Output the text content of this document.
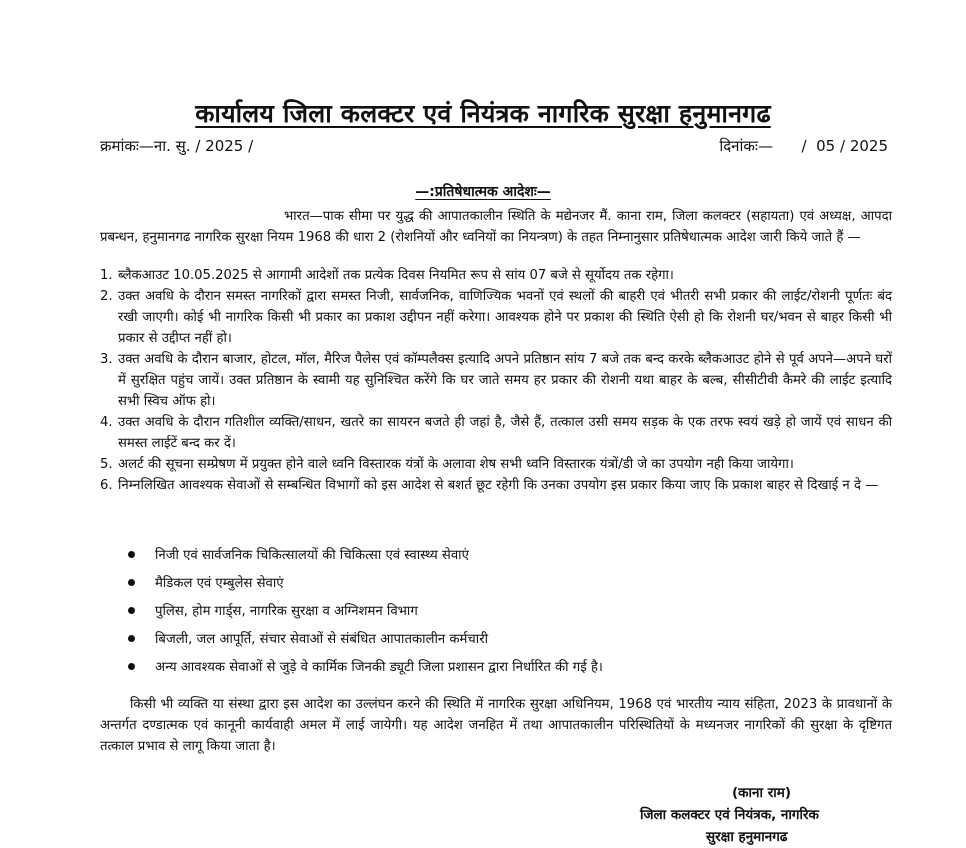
कार्यालय जिला कलक्टर एवं नियंत्रक नागरिक सुरक्षा हनुमानगढ
क्रमांकः—ना. सु. / 2025 /	दिनांकः—      /  05 / 2025
—:प्रतिषेधात्मक आदेशः—

भारत—पाक सीमा पर युद्ध की आपातकालीन स्थिति के मद्येनजर मैं. काना राम, जिला कलक्टर (सहायता) एवं अध्यक्ष, आपदा प्रबन्धन, हनुमानगढ नागरिक सुरक्षा नियम 1968 की धारा 2 (रोशनियों और ध्वनियों का नियन्त्रण) के तहत निम्नानुसार प्रतिषेधात्मक आदेश जारी किये जाते हैं —

1. ब्लैकआउट 10.05.2025 से आगामी आदेशों तक प्रत्येक दिवस नियमित रूप से सांय 07 बजे से सूर्योदय तक रहेगा।
2. उक्त अवधि के दौरान समस्त नागरिकों द्वारा समस्त निजी, सार्वजनिक, वाणिज्यिक भवनों एवं स्थलों की बाहरी एवं भीतरी सभी प्रकार की लाईट/रोशनी पूर्णतः बंद रखी जाएगी। कोई भी नागरिक किसी भी प्रकार का प्रकाश उद्दीपन नहीं करेगा। आवश्यक होने पर प्रकाश की स्थिति ऐसी हो कि रोशनी घर/भवन से बाहर किसी भी प्रकार से उद्दीप्त नहीं हो।
3. उक्त अवधि के दौरान बाजार, होटल, मॉल, मैरिज पैलेस एवं कॉम्पलैक्स इत्यादि अपने प्रतिष्ठान सांय 7 बजे तक बन्द करके ब्लैकआउट होने से पूर्व अपने—अपने घरों में सुरक्षित पहुंच जायें। उक्त प्रतिष्ठान के स्वामी यह सुनिश्चित करेंगे कि घर जाते समय हर प्रकार की रोशनी यथा बाहर के बल्ब, सीसीटीवी कैमरे की लाईट इत्यादि सभी स्विच ऑफ हो।
4. उक्त अवधि के दौरान गतिशील व्यक्ति/साधन, खतरे का सायरन बजते ही जहां है, जैसे हैं, तत्काल उसी समय सड़क के एक तरफ स्वयं खड़े हो जायें एवं साधन की समस्त लाईटें बन्द कर दें।
5. अलर्ट की सूचना सम्प्रेषण में प्रयुक्त होने वाले ध्वनि विस्तारक यंत्रों के अलावा शेष सभी ध्वनि विस्तारक यंत्रों/डी जे का उपयोग नही किया जायेगा।
6. निम्नलिखित आवश्यक सेवाओं से सम्बन्धित विभागों को इस आदेश से बशर्त छूट रहेगी कि उनका उपयोग इस प्रकार किया जाए कि प्रकाश बाहर से दिखाई न दे —
निजी एवं सार्वजनिक चिकित्सालयों की चिकित्सा एवं स्वास्थ्य सेवाएं
मैडिकल एवं एम्बुलेस सेवाएं
पुलिस, होम गार्ड्स, नागरिक सुरक्षा व अग्निशमन विभाग
बिजली, जल आपूर्ति, संचार सेवाओं से संबंधित आपातकालीन कर्मचारी
अन्य आवश्यक सेवाओं से जुड़े वे कार्मिक जिनकी ड्यूटी जिला प्रशासन द्वारा निर्धारित की गई है।

किसी भी व्यक्ति या संस्था द्वारा इस आदेश का उल्लंघन करने की स्थिति में नागरिक सुरक्षा अधिनियम, 1968 एवं भारतीय न्याय संहिता, 2023 के प्रावधानों के अन्तर्गत दण्डात्मक एवं कानूनी कार्यवाही अमल में लाई जायेगी। यह आदेश जनहित में तथा आपातकालीन परिस्थितियों के मध्यनजर नागरिकों की सुरक्षा के दृष्टिगत तत्काल प्रभाव से लागू किया जाता है।

(काना राम)
जिला कलक्टर एवं नियंत्रक, नागरिक
सुरक्षा हनुमानगढ
